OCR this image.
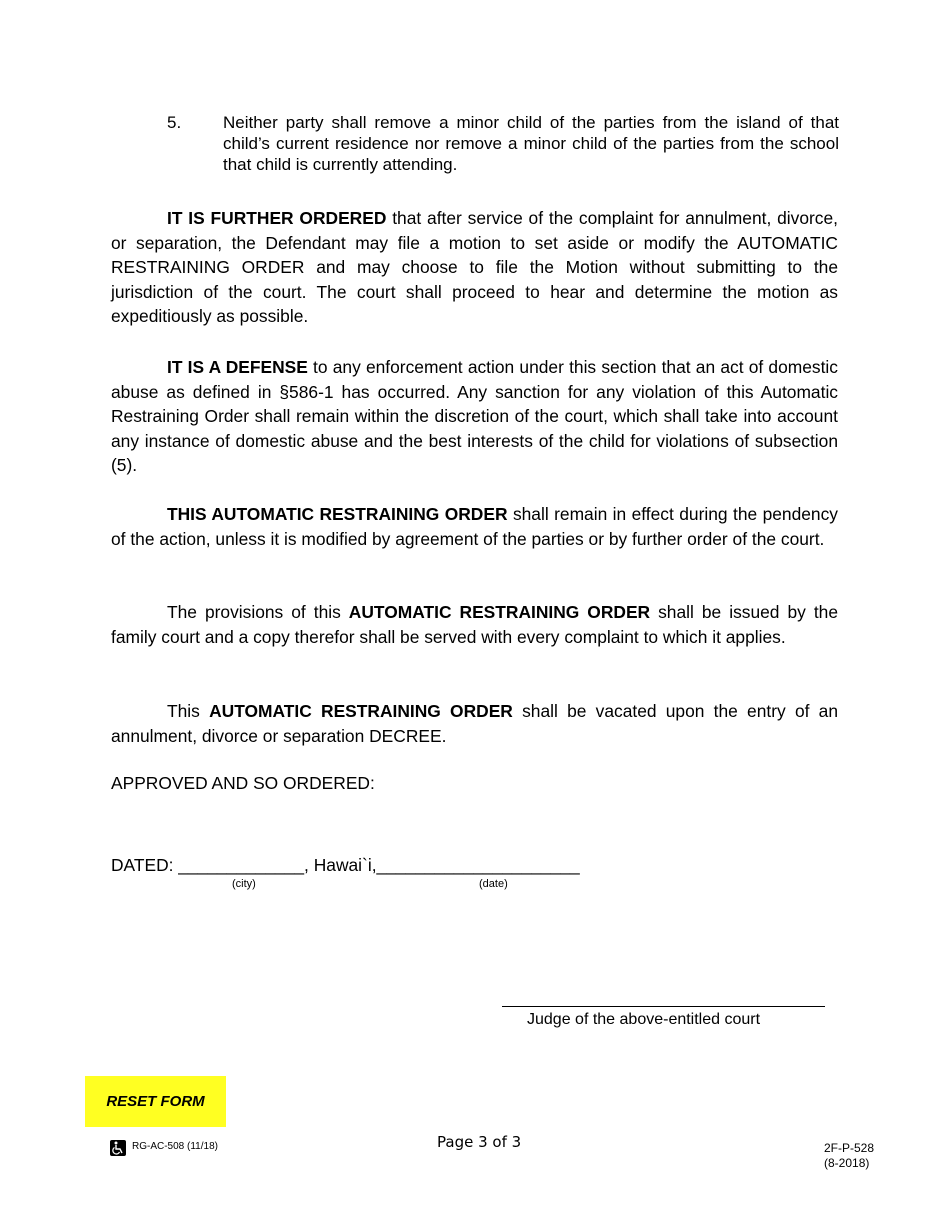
5. Neither party shall remove a minor child of the parties from the island of that child’s current residence nor remove a minor child of the parties from the school that child is currently attending.

IT IS FURTHER ORDERED that after service of the complaint for annulment, divorce, or separation, the Defendant may file a motion to set aside or modify the AUTOMATIC RESTRAINING ORDER and may choose to file the Motion without submitting to the jurisdiction of the court. The court shall proceed to hear and determine the motion as expeditiously as possible.

IT IS A DEFENSE to any enforcement action under this section that an act of domestic abuse as defined in §586-1 has occurred. Any sanction for any violation of this Automatic Restraining Order shall remain within the discretion of the court, which shall take into account any instance of domestic abuse and the best interests of the child for violations of subsection (5).

THIS AUTOMATIC RESTRAINING ORDER shall remain in effect during the pendency of the action, unless it is modified by agreement of the parties or by further order of the court.

The provisions of this AUTOMATIC RESTRAINING ORDER shall be issued by the family court and a copy therefor shall be served with every complaint to which it applies.

This AUTOMATIC RESTRAINING ORDER shall be vacated upon the entry of an annulment, divorce or separation DECREE.

APPROVED AND SO ORDERED:
DATED: _____________, Hawai`i,_____________________
(city)	(date)
Judge of the above-entitled court
RESET FORM
RG-AC-508 (11/18)	Page 3 of 3	2F-P-528
(8-2018)
